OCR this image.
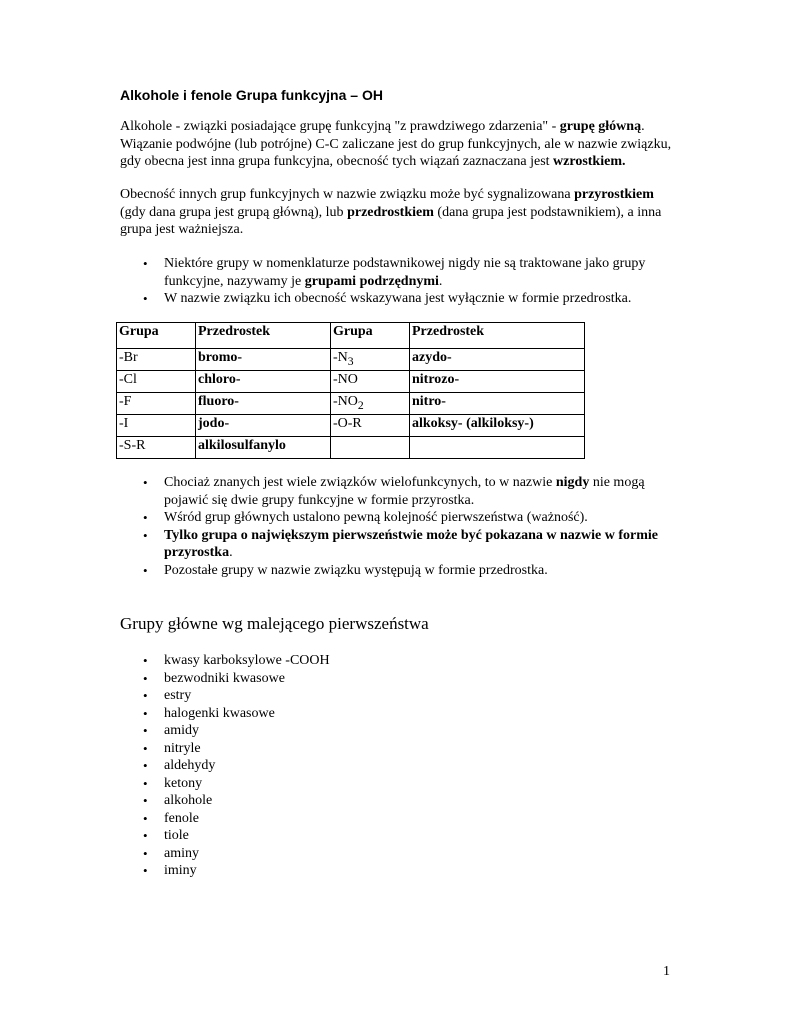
Alkohole i fenole Grupa funkcyjna – OH

Alkohole - związki posiadające grupę funkcyjną "z prawdziwego zdarzenia" - grupę główną. Wiązanie podwójne (lub potrójne) C-C zaliczane jest do grup funkcyjnych, ale w nazwie związku, gdy obecna jest inna grupa funkcyjna, obecność tych wiązań zaznaczana jest wzrostkiem.

Obecność innych grup funkcyjnych w nazwie związku może być sygnalizowana przyrostkiem (gdy dana grupa jest grupą główną), lub przedrostkiem (dana grupa jest podstawnikiem), a inna grupa jest ważniejsza.

• Niektóre grupy w nomenklaturze podstawnikowej nigdy nie są traktowane jako grupy funkcyjne, nazywamy je grupami podrzędnymi.
• W nazwie związku ich obecność wskazywana jest wyłącznie w formie przedrostka.
Grupa	Przedrostek	Grupa	Przedrostek
-Br	bromo-	$-N_3$	azydo-
-Cl	chloro-	-NO	nitrozo-
-F	fluoro-	$-NO_2$	nitro-
-I	jodo-	-O-R	alkoksy- (alkiloksy-)
-S-R	alkilosulfanylo		
• Chociaż znanych jest wiele związków wielofunkcynych, to w nazwie nigdy nie mogą pojawić się dwie grupy funkcyjne w formie przyrostka.
• Wśród grup głównych ustalono pewną kolejność pierwszeństwa (ważność).
• Tylko grupa o największym pierwszeństwie może być pokazana w nazwie w formie przyrostka.
• Pozostałe grupy w nazwie związku występują w formie przedrostka.
Grupy główne wg malejącego pierwszeństwa
• kwasy karboksylowe -COOH
• bezwodniki kwasowe
• estry
• halogenki kwasowe
• amidy
• nitryle
• aldehydy
• ketony
• alkohole
• fenole
• tiole
• aminy
• iminy
1
